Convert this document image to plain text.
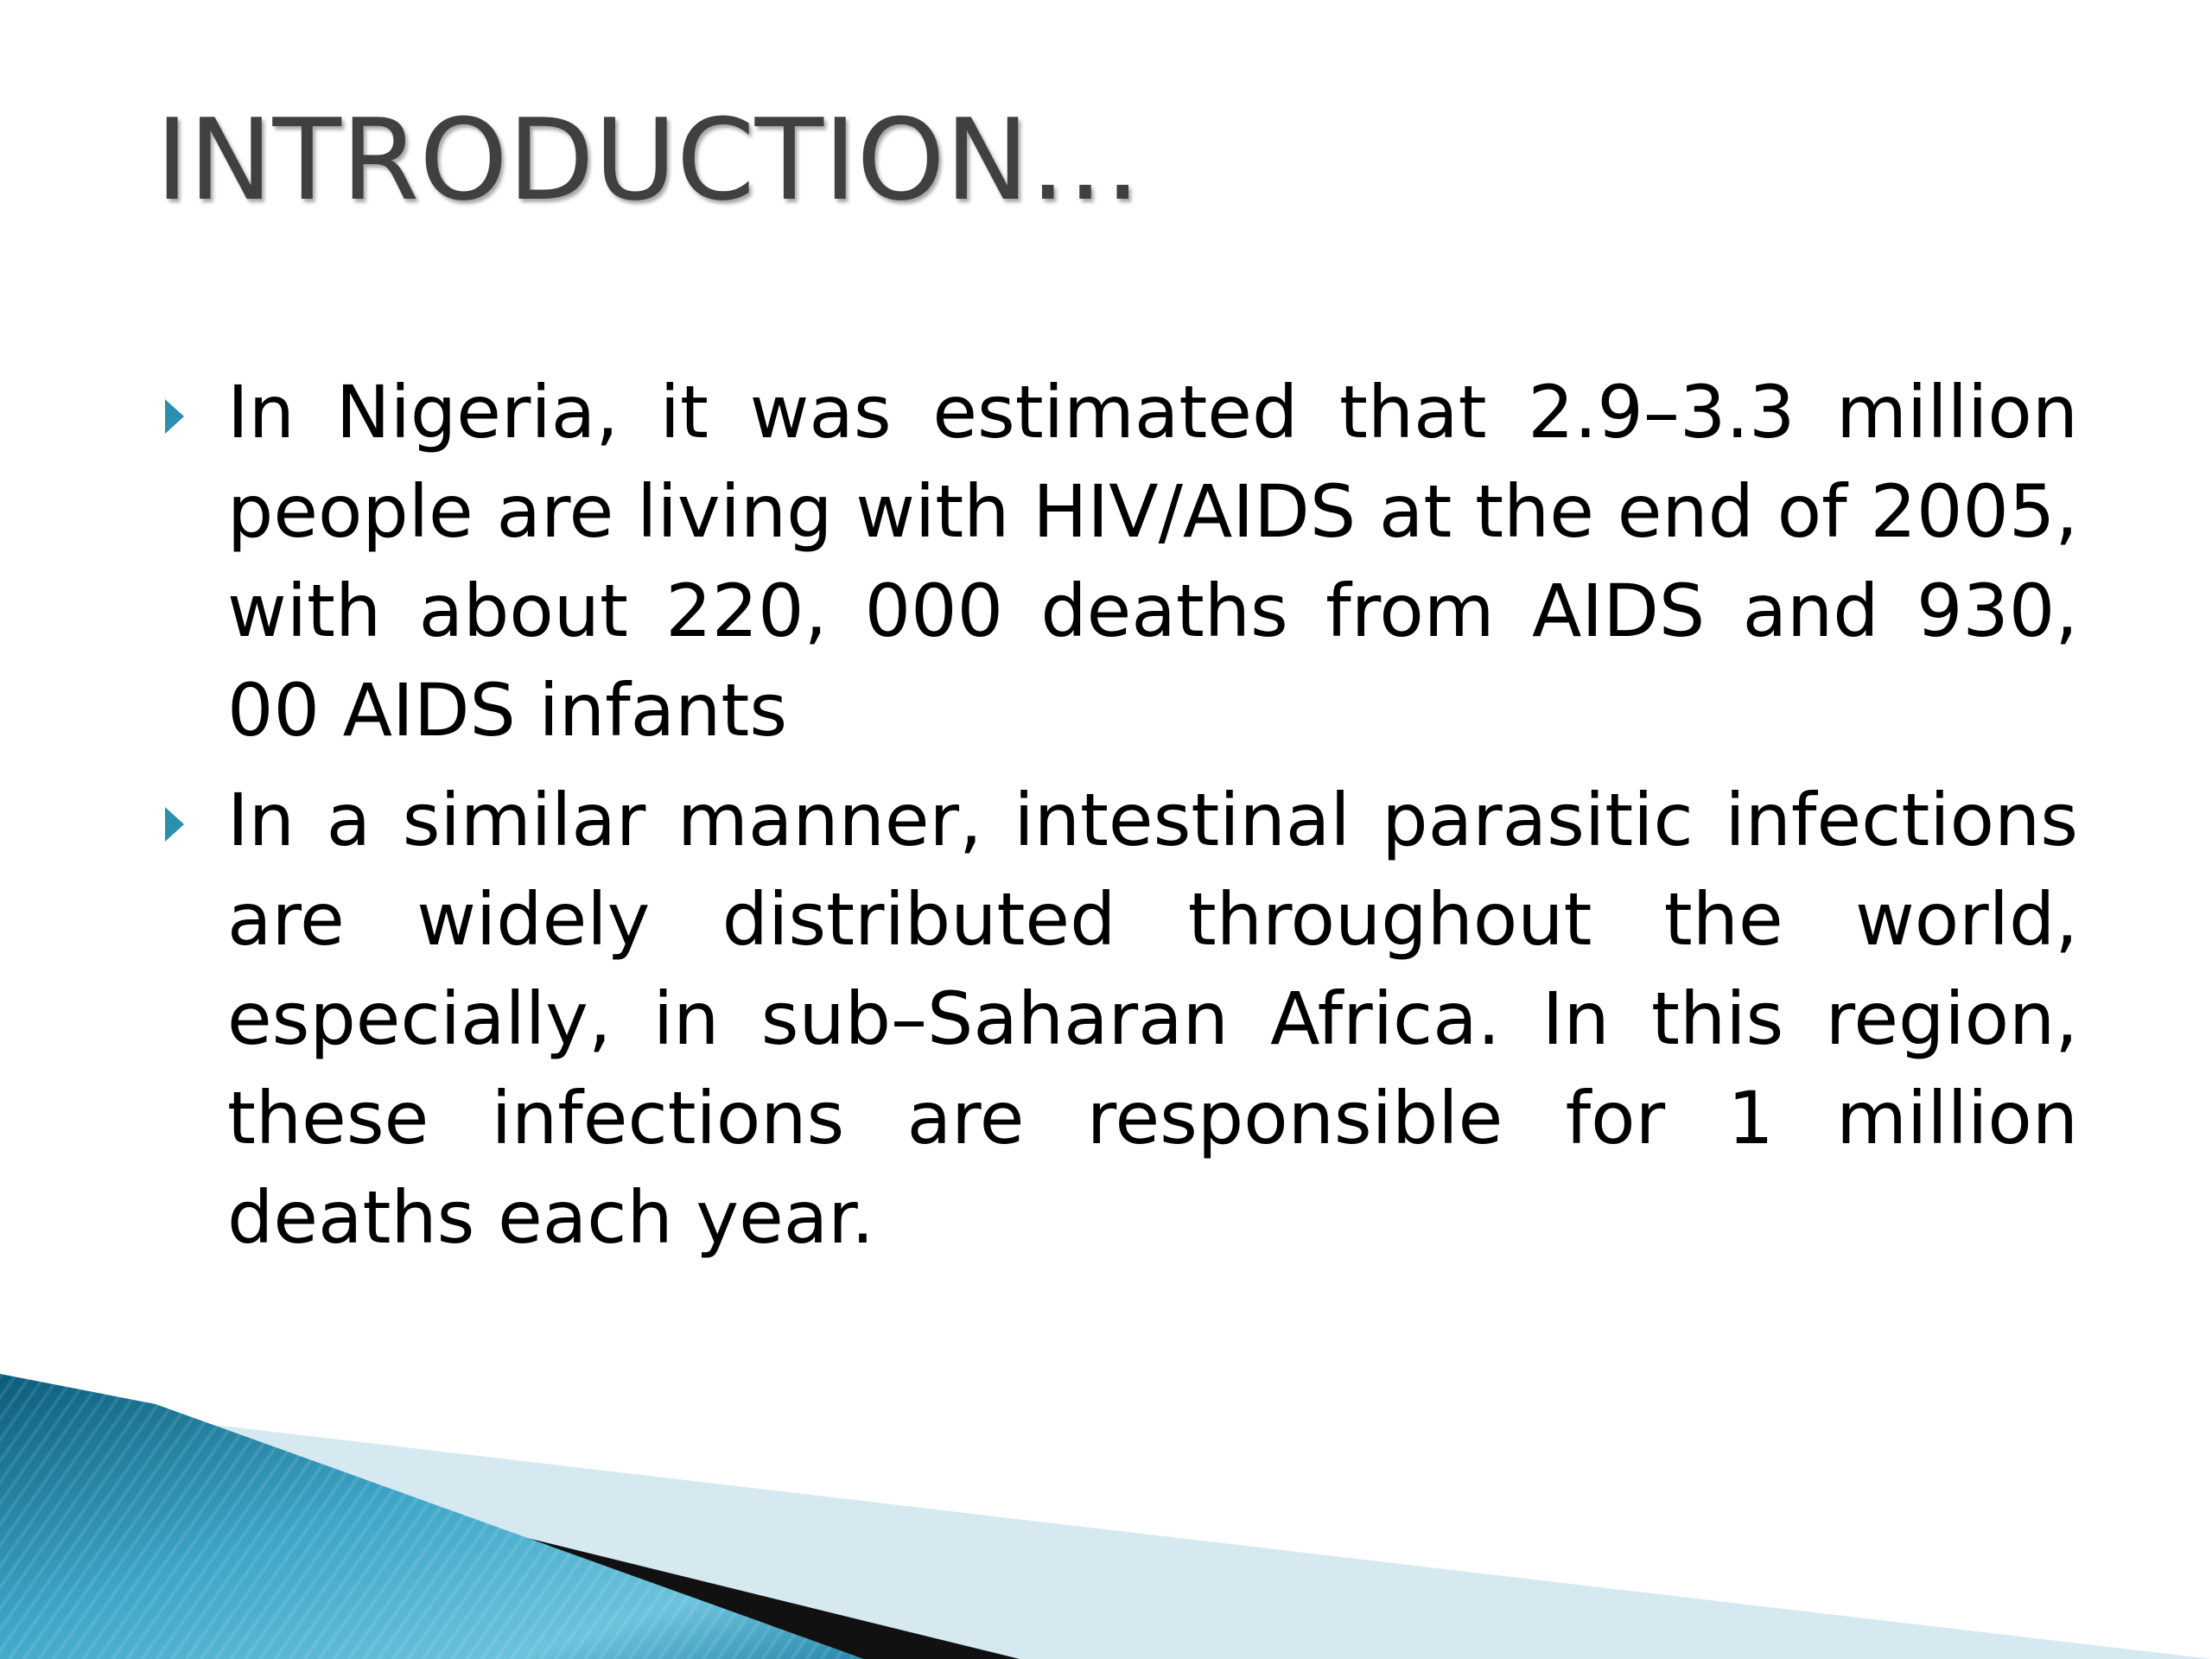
INTRODUCTION…
In Nigeria, it was estimated that 2.9–3.3 million people are living with HIV/AIDS at the end of 2005, with about 220, 000 deaths from AIDS and 930, 00 AIDS infants
In a similar manner, intestinal parasitic infections are widely distributed throughout the world, especially, in sub–Saharan Africa. In this region, these infections are responsible for 1 million deaths each year.
